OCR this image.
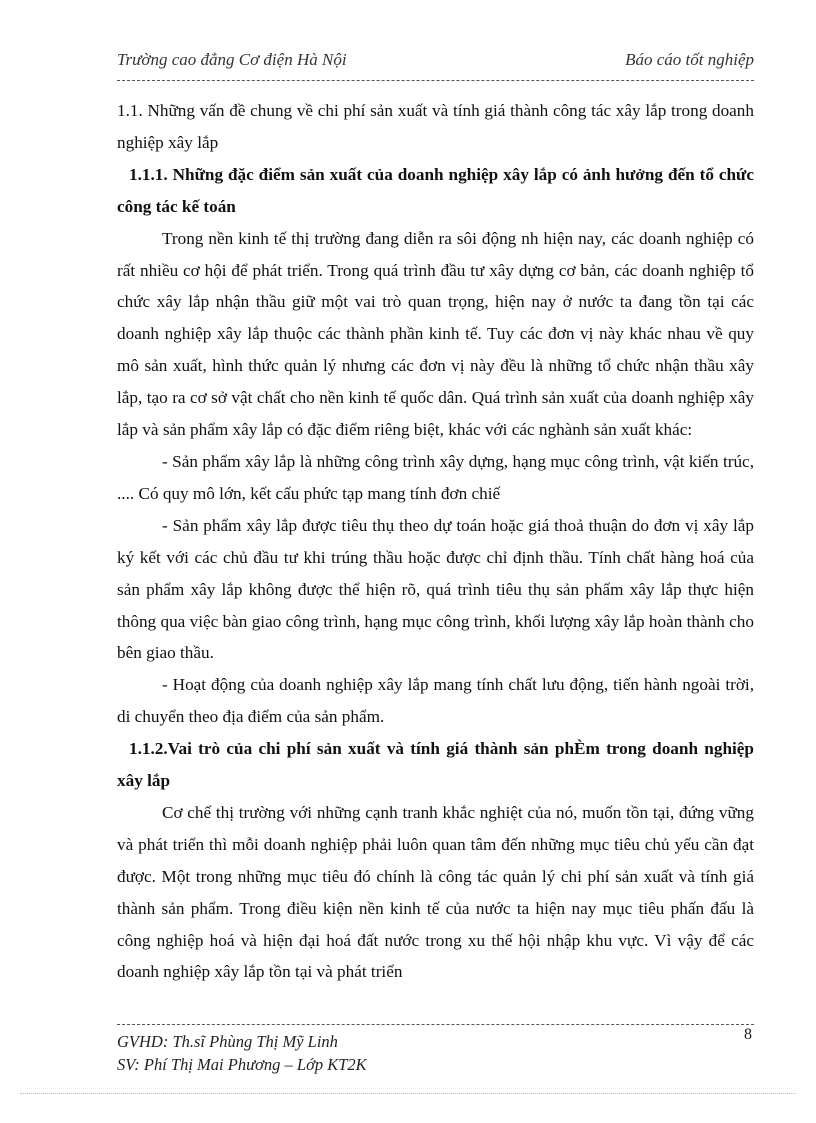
Trường cao đẳng Cơ điện Hà Nội	Báo cáo tốt nghiệp

1.1. Những vấn đề chung về chi phí sản xuất và tính giá thành công tác xây lắp trong doanh nghiệp xây lắp

1.1.1. Những đặc điểm sản xuất của doanh nghiệp xây lắp có ảnh hưởng đến tổ chức công tác kế toán

Trong nền kinh tế thị trường đang diễn ra sôi động nh hiện nay, các doanh nghiệp có rất nhiều cơ hội để phát triển. Trong quá trình đầu tư xây dựng cơ bản, các doanh nghiệp tổ chức xây lắp nhận thầu giữ một vai trò quan trọng, hiện nay ở nước ta đang tồn tại các doanh nghiệp xây lắp thuộc các thành phần kinh tế. Tuy các đơn vị này khác nhau về quy mô sản xuất, hình thức quản lý nhưng các đơn vị này đều là những tổ chức nhận thầu xây lắp, tạo ra cơ sở vật chất cho nền kinh tế quốc dân. Quá trình sản xuất của doanh nghiệp xây lắp và sản phẩm xây lắp có đặc điểm riêng biệt, khác với các nghành sản xuất khác:

- Sản phẩm xây lắp là những công trình xây dựng, hạng mục công trình, vật kiến trúc, .... Có quy mô lớn, kết cấu phức tạp mang tính đơn chiế

- Sản phẩm xây lắp được tiêu thụ theo dự toán hoặc giá thoả thuận do đơn vị xây lắp ký kết với các chủ đầu tư khi trúng thầu hoặc được chỉ định thầu. Tính chất hàng hoá của sản phẩm xây lắp không được thể hiện rõ, quá trình tiêu thụ sản phẩm xây lắp thực hiện thông qua việc bàn giao công trình, hạng mục công trình, khối lượng xây lắp hoàn thành cho bên giao thầu.

- Hoạt động của doanh nghiệp xây lắp mang tính chất lưu động, tiến hành ngoài trời, di chuyển theo địa điểm của sản phẩm.

1.1.2.Vai trò của chi phí sản xuất và tính giá thành sản phÈm trong doanh nghiệp xây lắp

Cơ chế thị trường với những cạnh tranh khắc nghiệt của nó, muốn tồn tại, đứng vững và phát triển thì mỗi doanh nghiệp phải luôn quan tâm đến những mục tiêu chủ yếu cần đạt được. Một trong những mục tiêu đó chính là công tác quản lý chi phí sản xuất và tính giá thành sản phẩm. Trong điều kiện nền kinh tế của nước ta hiện nay mục tiêu phấn đấu là công nghiệp hoá và hiện đại hoá đất nước trong xu thế hội nhập khu vực. Vì vậy để các doanh nghiệp xây lắp tồn tại và phát triển

8
GVHD: Th.sĩ Phùng Thị Mỹ Linh
SV: Phí Thị Mai Phương – Lớp KT2K
